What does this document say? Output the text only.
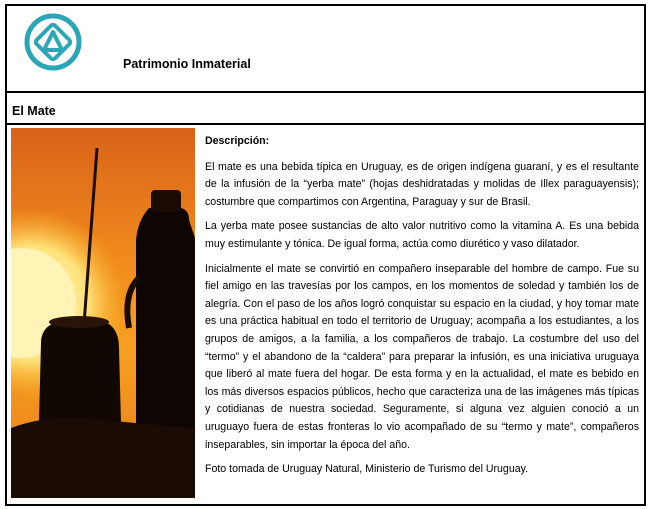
Patrimonio Inmaterial
El Mate

Descripción:

El mate es una bebida típica en Uruguay, es de origen indígena guaraní, y es el resultante de la infusión de la “yerba mate” (hojas deshidratadas y molidas de Illex paraguayensis); costumbre que compartimos con Argentina, Paraguay y sur de Brasil.

La yerba mate posee sustancias de alto valor nutritivo como la vitamina A. Es una bebida muy estimulante y tónica. De igual forma, actúa como diurético y vaso dilatador.

Inicialmente el mate se convirtió en compañero inseparable del hombre de campo. Fue su fiel amigo en las travesías por los campos, en los momentos de soledad y también los de alegría. Con el paso de los años logró conquistar su espacio en la ciudad, y hoy tomar mate es una práctica habitual en todo el territorio de Uruguay; acompaña a los estudiantes, a los grupos de amigos, a la familia, a los compañeros de trabajo. La costumbre del uso del “termo” y el abandono de la “caldera” para preparar la infusión, es una iniciativa uruguaya que liberó al mate fuera del hogar. De esta forma y en la actualidad, el mate es bebido en los más diversos espacios públicos, hecho que caracteriza una de las imágenes más típicas y cotidianas de nuestra sociedad. Seguramente, si alguna vez alguien conoció a un uruguayo fuera de estas fronteras lo vio acompañado de su “termo y mate”, compañeros inseparables, sin importar la época del año.

Foto tomada de Uruguay Natural, Ministerio de Turismo del Uruguay.
